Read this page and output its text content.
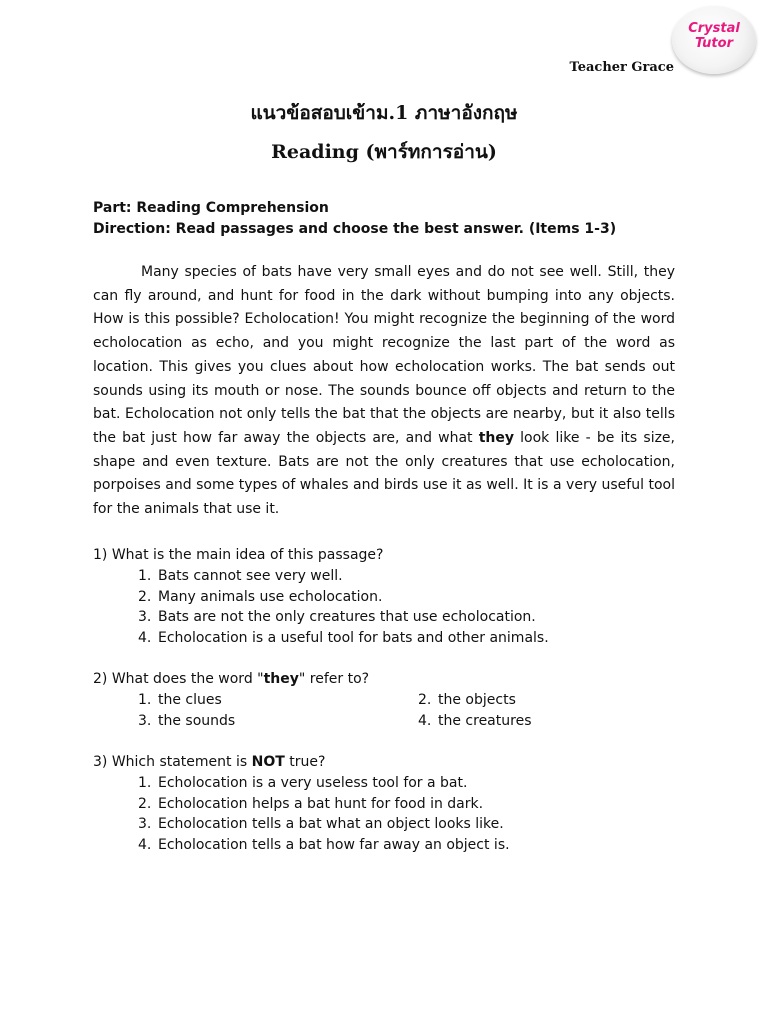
Crystal
Tutor
Teacher Grace
แนวข้อสอบเข้าม.1 ภาษาอังกฤษ
Reading (พาร์ทการอ่าน)
Part: Reading Comprehension
Direction: Read passages and choose the best answer. (Items 1-3)

Many species of bats have very small eyes and do not see well. Still, they can fly around, and hunt for food in the dark without bumping into any objects. How is this possible? Echolocation! You might recognize the beginning of the word echolocation as echo, and you might recognize the last part of the word as location. This gives you clues about how echolocation works. The bat sends out sounds using its mouth or nose. The sounds bounce off objects and return to the bat. Echolocation not only tells the bat that the objects are nearby, but it also tells the bat just how far away the objects are, and what they look like - be its size, shape and even texture. Bats are not the only creatures that use echolocation, porpoises and some types of whales and birds use it as well. It is a very useful tool for the animals that use it.

1) What is the main idea of this passage?
1. Bats cannot see very well.
2. Many animals use echolocation.
3. Bats are not the only creatures that use echolocation.
4. Echolocation is a useful tool for bats and other animals.
2) What does the word "they" refer to?
1. the clues	2. the objects
3. the sounds	4. the creatures
3) Which statement is NOT true?
1. Echolocation is a very useless tool for a bat.
2. Echolocation helps a bat hunt for food in dark.
3. Echolocation tells a bat what an object looks like.
4. Echolocation tells a bat how far away an object is.
